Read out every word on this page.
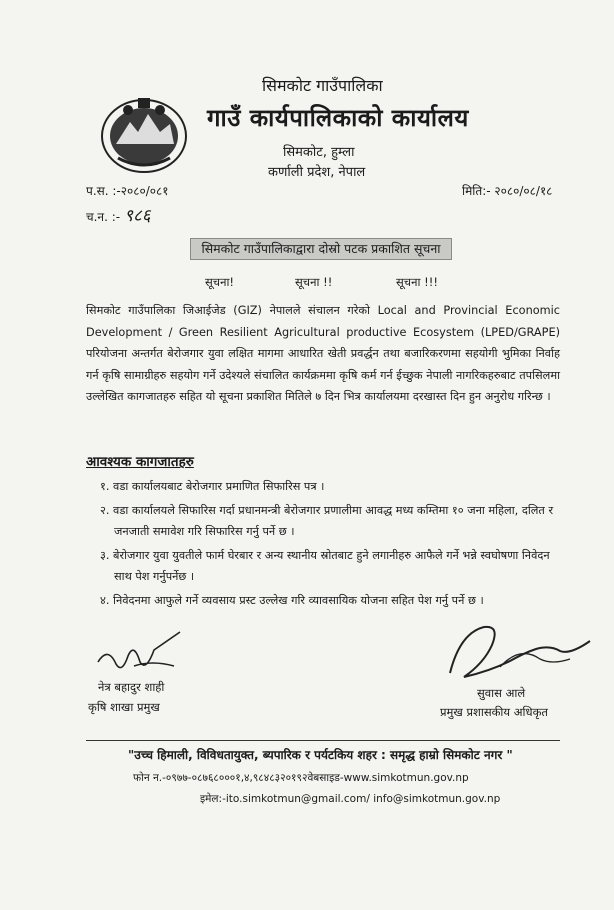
सिमकोट गाउँपालिका
गाउँ कार्यपालिकाको कार्यालय
सिमकोट, हुम्ला
कर्णाली प्रदेश, नेपाल
प.स. :-२०८०/०८१
च.न. :- ९८६
मिति:- २०८०/०८/१८
सिमकोट गाउँपालिकाद्वारा दोस्रो पटक प्रकाशित सूचना
सूचना!	सूचना !!	सूचना !!!
सिमकोट गाउँपालिका जिआईजेड (GIZ) नेपालले संचालन गरेको Local and Provincial Economic Development / Green Resilient Agricultural productive Ecosystem (LPED/GRAPE) परियोजना अन्तर्गत बेरोजगार युवा लक्षित मागमा आधारित खेती प्रवर्द्धन तथा बजारिकरणमा सहयोगी भुमिका निर्वाह गर्न कृषि सामाग्रीहरु सहयोग गर्ने उदेश्यले संचालित कार्यक्रममा कृषि कर्म गर्न ईच्छुक नेपाली नागरिकहरुबाट तपसिलमा उल्लेखित कागजातहरु सहित यो सूचना प्रकाशित मितिले ७ दिन भित्र कार्यालयमा दरखास्त दिन हुन अनुरोध गरिन्छ ।
आवश्यक कागजातहरु
१. वडा कार्यालयबाट बेरोजगार प्रमाणित सिफारिस पत्र ।
२. वडा कार्यालयले सिफारिस गर्दा प्रधानमन्त्री बेरोजगार प्रणालीमा आवद्ध मध्य कम्तिमा १० जना महिला, दलित र जनजाती समावेश गरि सिफारिस गर्नु पर्ने छ ।
३. बेरोजगार युवा युवतीले फार्म घेरबार र अन्य स्थानीय स्रोतबाट हुने लगानीहरु आफैले गर्ने भन्ने स्वघोषणा निवेदन साथ पेश गर्नुपर्नेछ ।
४. निवेदनमा आफुले गर्ने व्यवसाय प्रस्ट उल्लेख गरि व्यावसायिक योजना सहित पेश गर्नु पर्ने छ ।
नेत्र बहादुर शाही
कृषि शाखा प्रमुख
सुवास आले
प्रमुख प्रशासकीय अधिकृत
"उच्च हिमाली, विविधतायुक्त, ब्यपारिक र पर्यटकिय शहर : समृद्ध हाम्रो सिमकोट नगर "
फोन न.-०९७७-०८७६८०००१,४,९८४८३२०१९२वेबसाइड-www.simkotmun.gov.np
इमेल:-ito.simkotmun@gmail.com/ info@simkotmun.gov.np
